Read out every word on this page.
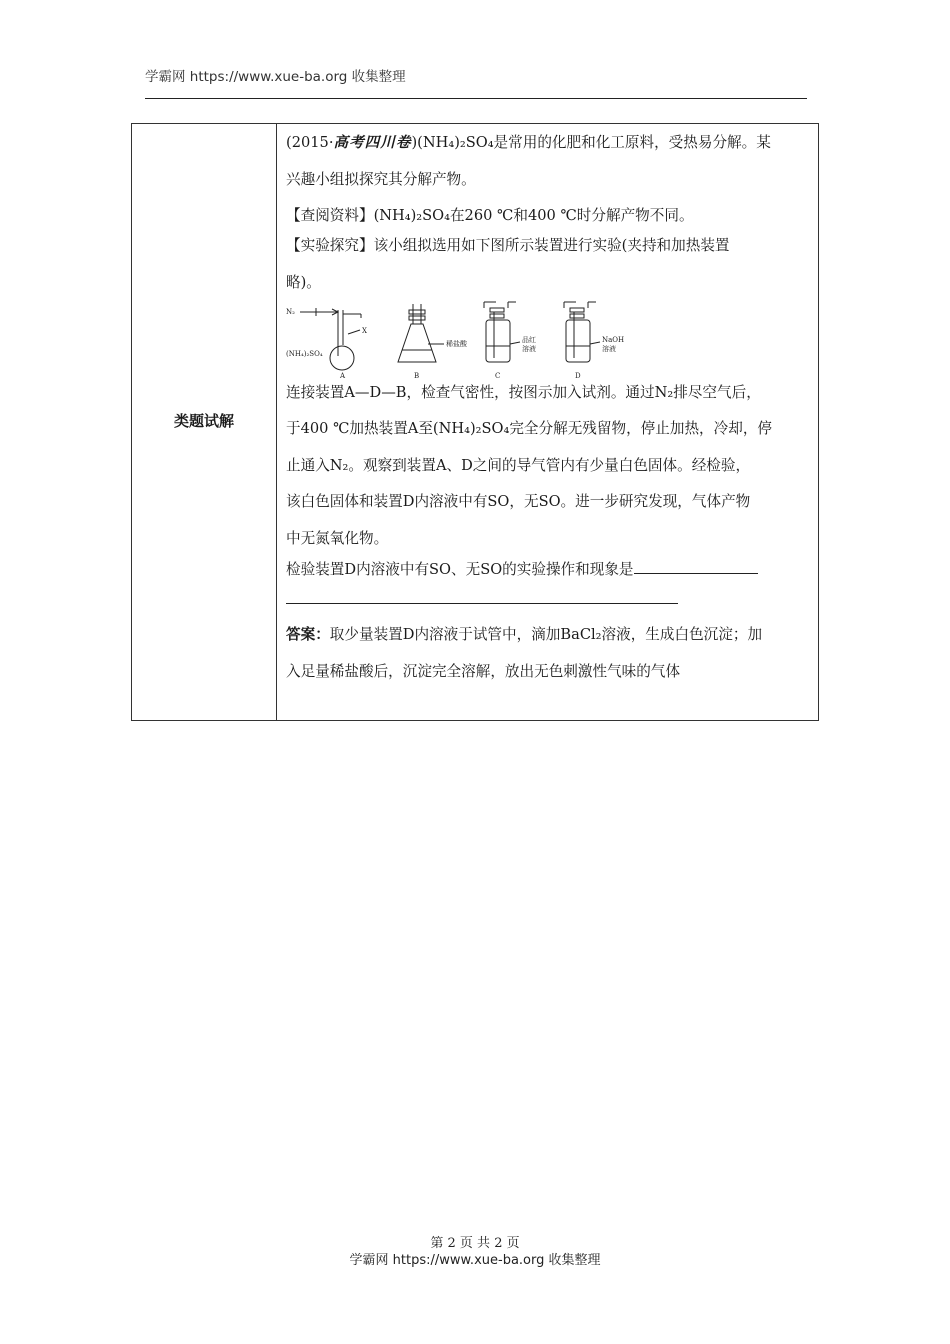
学霸网 https://www.xue-ba.org 收集整理
类题试解
(2015·高考四川卷)(NH₄)₂SO₄是常用的化肥和化工原料，受热易分解。某
兴趣小组拟探究其分解产物。
【查阅资料】(NH₄)₂SO₄在260 ℃和400 ℃时分解产物不同。
【实验探究】该小组拟选用如下图所示装置进行实验(夹持和加热装置
略)。
N₂
X
(NH₄)₂SO₄
稀盐酸	品红
溶液
NaOH
溶液
A	B	C	D
连接装置A—D—B，检查气密性，按图示加入试剂。通过N₂排尽空气后，
于400 ℃加热装置A至(NH₄)₂SO₄完全分解无残留物，停止加热，冷却，停
止通入N₂。观察到装置A、D之间的导气管内有少量白色固体。经检验，
该白色固体和装置D内溶液中有SO，无SO。进一步研究发现，气体产物
中无氮氧化物。
检验装置D内溶液中有SO、无SO的实验操作和现象是
答案：取少量装置D内溶液于试管中，滴加BaCl₂溶液，生成白色沉淀；加
入足量稀盐酸后，沉淀完全溶解，放出无色刺激性气味的气体
第 2 页 共 2 页
学霸网 https://www.xue-ba.org 收集整理
